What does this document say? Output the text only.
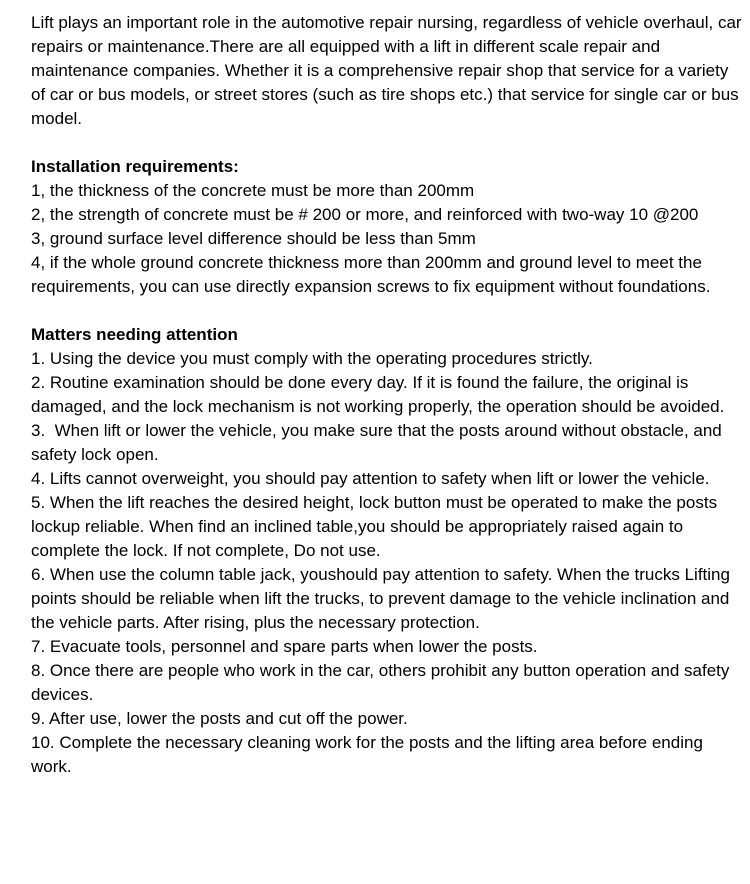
Lift plays an important role in the automotive repair nursing, regardless of vehicle overhaul, car repairs or maintenance.There are all equipped with a lift in different scale repair and maintenance companies. Whether it is a comprehensive repair shop that service for a variety of car or bus models, or street stores (such as tire shops etc.) that service for single car or bus model.

Installation requirements:

1, the thickness of the concrete must be more than 200mm

2, the strength of concrete must be # 200 or more, and reinforced with two-way 10 @200

3, ground surface level difference should be less than 5mm

4, if the whole ground concrete thickness more than 200mm and ground level to meet the requirements, you can use directly expansion screws to fix equipment without foundations.

Matters needing attention

1. Using the device you must comply with the operating procedures strictly.

2. Routine examination should be done every day. If it is found the failure, the original is damaged, and the lock mechanism is not working properly, the operation should be avoided.

3.  When lift or lower the vehicle, you make sure that the posts around without obstacle, and safety lock open.

4. Lifts cannot overweight, you should pay attention to safety when lift or lower the vehicle.

5. When the lift reaches the desired height, lock button must be operated to make the posts lockup reliable. When find an inclined table,you should be appropriately raised again to complete the lock. If not complete, Do not use.

6. When use the column table jack, youshould pay attention to safety. When the trucks Lifting points should be reliable when lift the trucks, to prevent damage to the vehicle inclination and the vehicle parts. After rising, plus the necessary protection.

7. Evacuate tools, personnel and spare parts when lower the posts.

8. Once there are people who work in the car, others prohibit any button operation and safety devices.

9. After use, lower the posts and cut off the power.

10. Complete the necessary cleaning work for the posts and the lifting area before ending work.
